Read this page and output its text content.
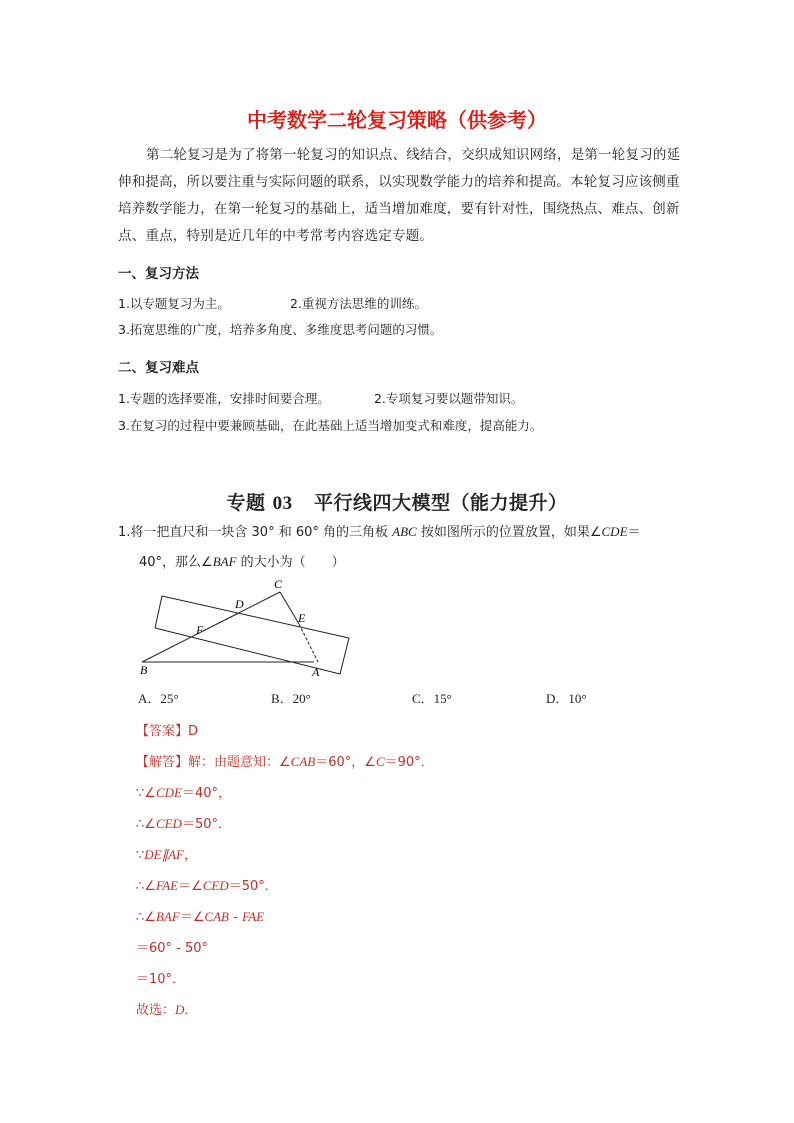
中考数学二轮复习策略（供参考）
第二轮复习是为了将第一轮复习的知识点、线结合，交织成知识网络，是第一轮复习的延伸和提高，所以要注重与实际问题的联系，以实现数学能力的培养和提高。本轮复习应该侧重培养数学能力，在第一轮复习的基础上，适当增加难度，要有针对性，围绕热点、难点、创新点、重点，特别是近几年的中考常考内容选定专题。
一、复习方法
1.以专题复习为主。	2.重视方法思维的训练。
3.拓宽思维的广度，培养多角度、多维度思考问题的习惯。
二、复习难点
1.专题的选择要准，安排时间要合理。	2.专项复习要以题带知识。
3.在复习的过程中要兼顾基础，在此基础上适当增加变式和难度，提高能力。
专题 03 平行线四大模型（能力提升）
1.将一把直尺和一块含 30° 和 60° 角的三角板 ABC 按如图所示的位置放置，如果∠CDE＝
40°，那么∠BAF 的大小为（　　）
C
D
E
F
B	A
A．25°	B．20°	C．15°	D．10°
【答案】D
【解答】解：由题意知：∠CAB＝60°，∠C＝90°．
∵∠CDE＝40°，
∴∠CED＝50°．
∵DE∥AF，
∴∠FAE＝∠CED＝50°．
∴∠BAF＝∠CAB - FAE
＝60° - 50°
＝10°．
故选：D．
